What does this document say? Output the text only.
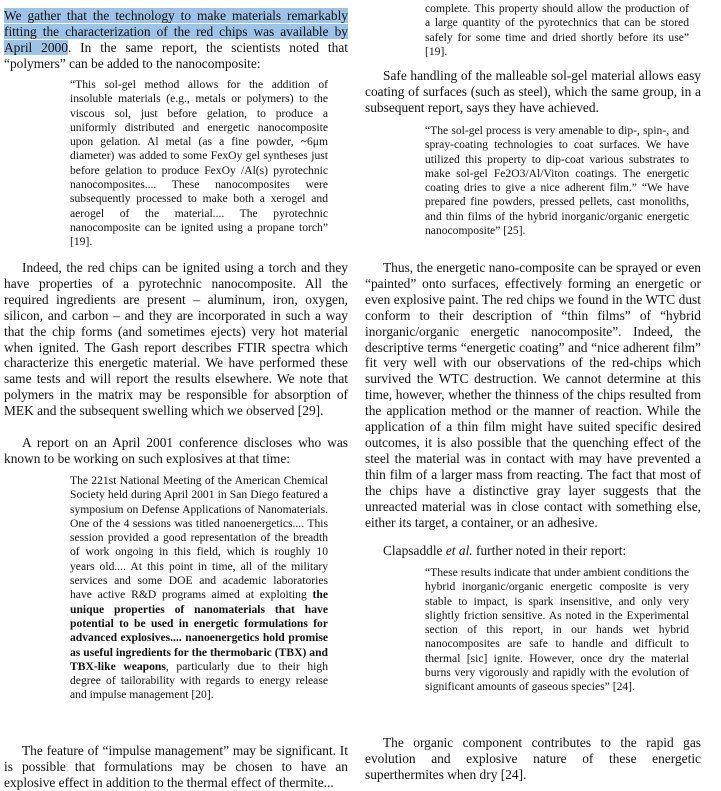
We gather that the technology to make materials remarkably fitting the characterization of the red chips was available by April 2000. In the same report, the scientists noted that “polymers” can be added to the nanocomposite:

“This sol-gel method allows for the addition of insoluble materials (e.g., metals or polymers) to the viscous sol, just before gelation, to produce a uniformly distributed and energetic nanocomposite upon gelation. Al metal (as a fine powder, ~6μm diameter) was added to some FexOy gel syntheses just before gelation to produce FexOy /Al(s) pyrotechnic nanocomposites.... These nanocomposites were subsequently processed to make both a xerogel and aerogel of the material.... The pyrotechnic nanocomposite can be ignited using a propane torch” [19].

Indeed, the red chips can be ignited using a torch and they have properties of a pyrotechnic nanocomposite. All the required ingredients are present – aluminum, iron, oxygen, silicon, and carbon – and they are incorporated in such a way that the chip forms (and sometimes ejects) very hot material when ignited. The Gash report describes FTIR spectra which characterize this energetic material. We have performed these same tests and will report the results elsewhere. We note that polymers in the matrix may be responsible for absorption of MEK and the subsequent swelling which we observed [29].

A report on an April 2001 conference discloses who was known to be working on such explosives at that time:

The 221st National Meeting of the American Chemical Society held during April 2001 in San Diego featured a symposium on Defense Applications of Nanomaterials. One of the 4 sessions was titled nanoenergetics.... This session provided a good representation of the breadth of work ongoing in this field, which is roughly 10 years old.... At this point in time, all of the military services and some DOE and academic laboratories have active R&D programs aimed at exploiting the unique properties of nanomaterials that have potential to be used in energetic formulations for advanced explosives.... nanoenergetics hold promise as useful ingredients for the thermobaric (TBX) and TBX-like weapons, particularly due to their high degree of tailorability with regards to energy release and impulse management [20].

The feature of “impulse management” may be significant. It is possible that formulations may be chosen to have an explosive effect in addition to the thermal effect of thermite...

complete. This property should allow the production of a large quantity of the pyrotechnics that can be stored safely for some time and dried shortly before its use” [19].

Safe handling of the malleable sol-gel material allows easy coating of surfaces (such as steel), which the same group, in a subsequent report, says they have achieved.

“The sol-gel process is very amenable to dip-, spin-, and spray-coating technologies to coat surfaces. We have utilized this property to dip-coat various substrates to make sol-gel Fe2O3/Al/Viton coatings. The energetic coating dries to give a nice adherent film.” “We have prepared fine powders, pressed pellets, cast monoliths, and thin films of the hybrid inorganic/organic energetic nanocomposite” [25].

Thus, the energetic nano-composite can be sprayed or even “painted” onto surfaces, effectively forming an energetic or even explosive paint. The red chips we found in the WTC dust conform to their description of “thin films” of “hybrid inorganic/organic energetic nanocomposite”. Indeed, the descriptive terms “energetic coating” and “nice adherent film” fit very well with our observations of the red-chips which survived the WTC destruction. We cannot determine at this time, however, whether the thinness of the chips resulted from the application method or the manner of reaction. While the application of a thin film might have suited specific desired outcomes, it is also possible that the quenching effect of the steel the material was in contact with may have prevented a thin film of a larger mass from reacting. The fact that most of the chips have a distinctive gray layer suggests that the unreacted material was in close contact with something else, either its target, a container, or an adhesive.

Clapsaddle et al. further noted in their report:

“These results indicate that under ambient conditions the hybrid inorganic/organic energetic composite is very stable to impact, is spark insensitive, and only very slightly friction sensitive. As noted in the Experimental section of this report, in our hands wet hybrid nanocomposites are safe to handle and difficult to thermal [sic] ignite. However, once dry the material burns very vigorously and rapidly with the evolution of significant amounts of gaseous species” [24].

The organic component contributes to the rapid gas evolution and explosive nature of these energetic superthermites when dry [24].
